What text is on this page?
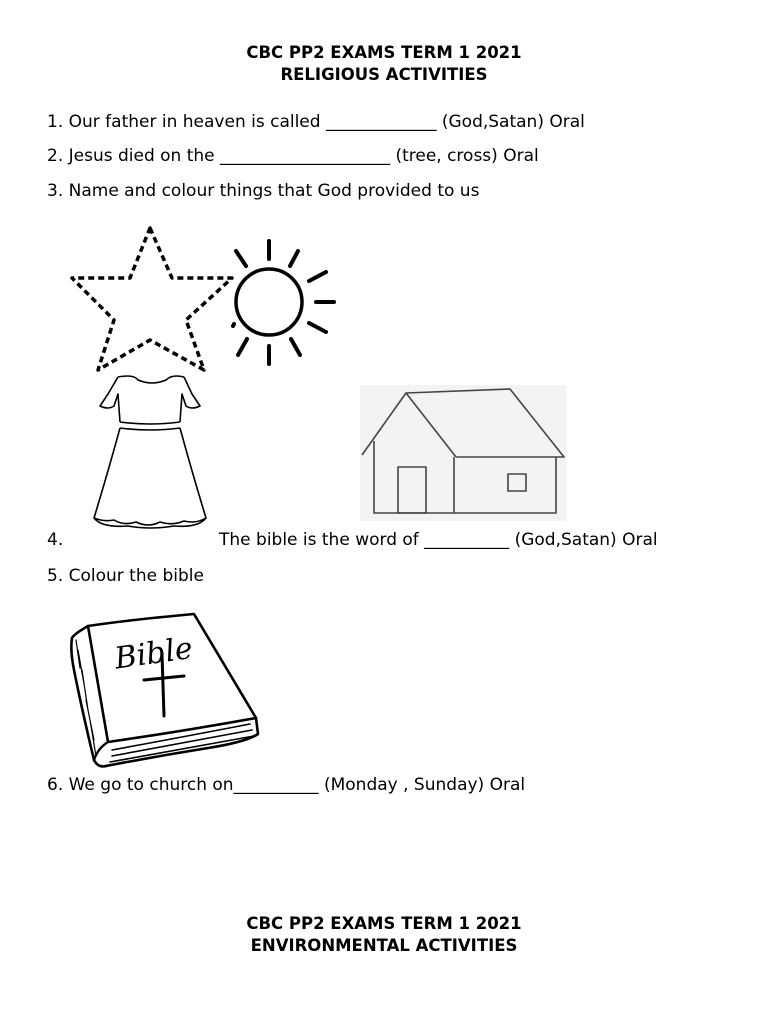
CBC PP2 EXAMS TERM 1 2021
RELIGIOUS ACTIVITIES
1. Our father in heaven is called _____________ (God,Satan) Oral
2. Jesus died on the ____________________ (tree, cross) Oral
3. Name and colour things that God provided to us
4.	The bible is the word of __________ (God,Satan) Oral
5. Colour the bible
Bible
6. We go to church on__________ (Monday , Sunday) Oral
CBC PP2 EXAMS TERM 1 2021
ENVIRONMENTAL ACTIVITIES
